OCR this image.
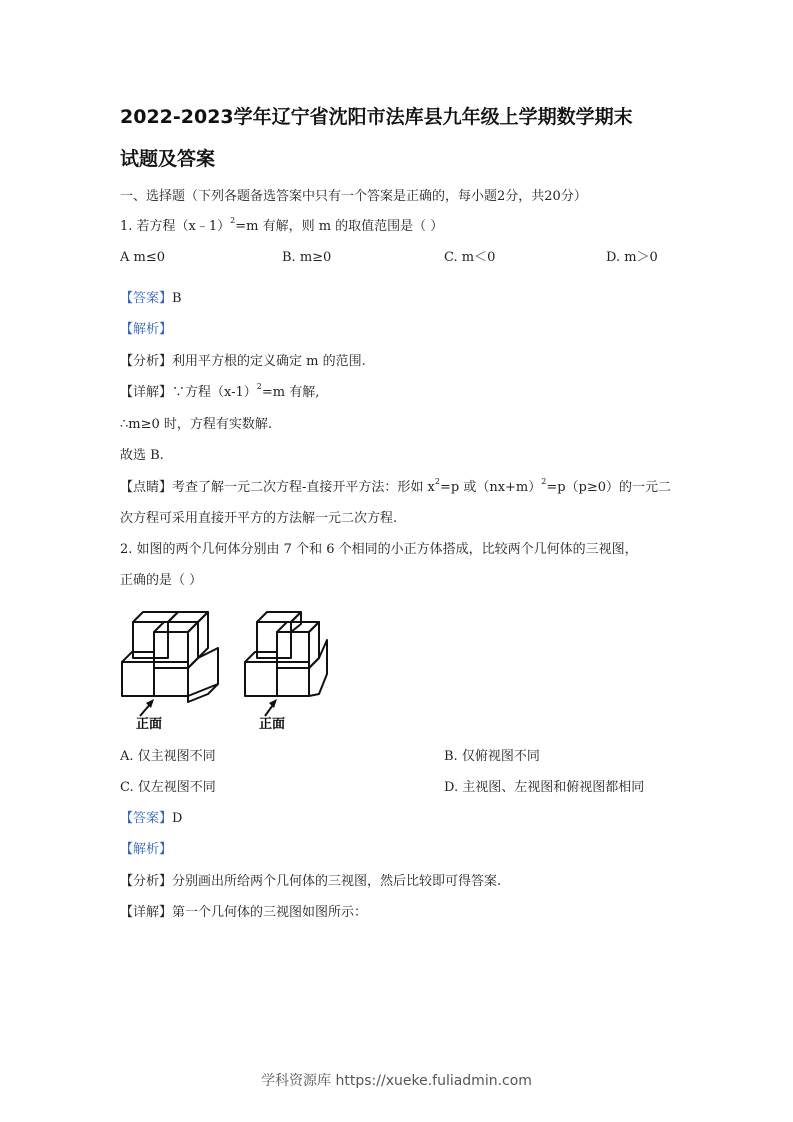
2022-2023学年辽宁省沈阳市法库县九年级上学期数学期末
试题及答案
一、选择题（下列各题备选答案中只有一个答案是正确的，每小题2分，共20分）
1. 若方程（x﹣1）$^2$=m 有解，则 m 的取值范围是（ ）
A m≤0	B. m≥0	C. m＜0	D. m＞0
【答案】B
【解析】
【分析】利用平方根的定义确定 m 的范围.
【详解】∵方程$(x-1)^2=m$ 有解,
∴m≥0 时，方程有实数解.
故选 B.
【点睛】考查了解一元二次方程-直接开平方法：形如 $x^2=p$ 或$(nx+m)^2=p(p\ge 0)$的一元二
次方程可采用直接开平方的方法解一元二次方程.
2. 如图的两个几何体分别由 7 个和 6 个相同的小正方体搭成，比较两个几何体的三视图，
正确的是（ ）
正面	正面
A. 仅主视图不同	B. 仅俯视图不同
C. 仅左视图不同	D. 主视图、左视图和俯视图都相同
【答案】D
【解析】
【分析】分别画出所给两个几何体的三视图，然后比较即可得答案.
【详解】第一个几何体的三视图如图所示：
学科资源库 https://xueke.fuliadmin.com
